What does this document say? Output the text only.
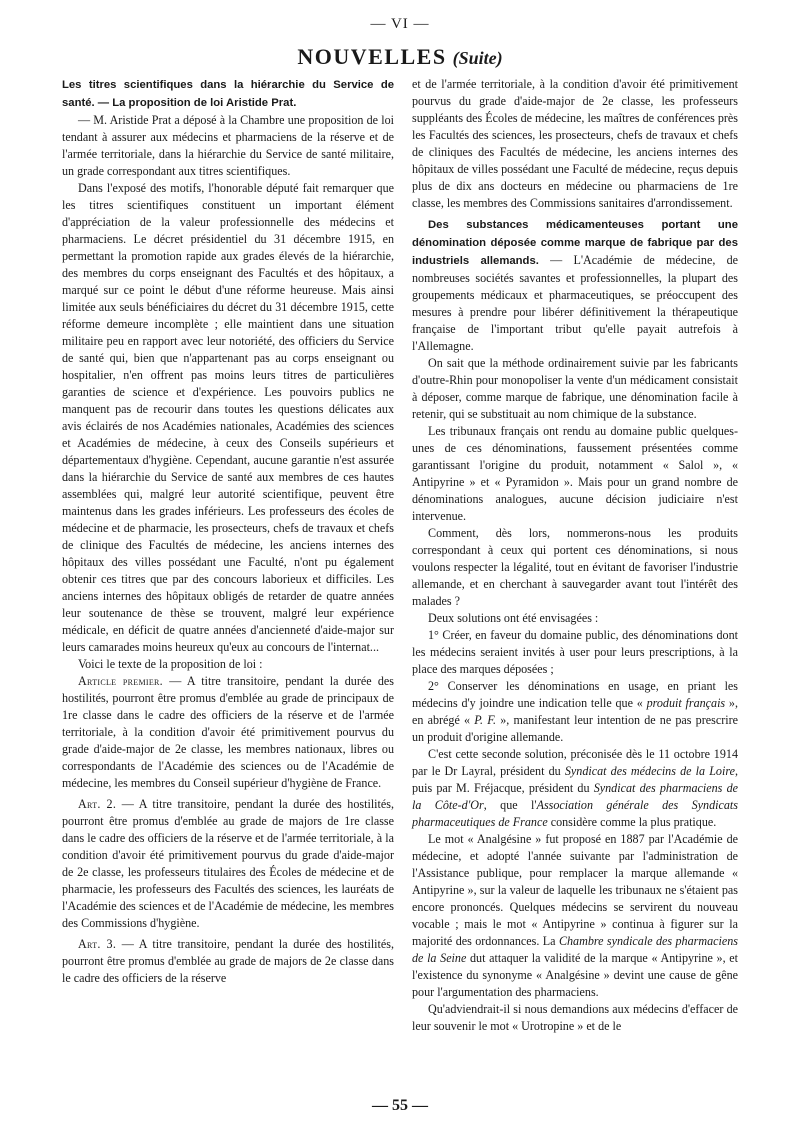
— VI —
NOUVELLES (Suite)

Les titres scientifiques dans la hiérarchie du Service de santé. — La proposition de loi Aristide Prat.

— M. Aristide Prat a déposé à la Chambre une proposition de loi tendant à assurer aux médecins et pharmaciens de la réserve et de l'armée territoriale, dans la hiérarchie du Service de santé militaire, un grade correspondant aux titres scientifiques.

Dans l'exposé des motifs, l'honorable député fait remarquer que les titres scientifiques constituent un important élément d'appréciation de la valeur professionnelle des médecins et pharmaciens. Le décret présidentiel du 31 décembre 1915, en permettant la promotion rapide aux grades élevés de la hiérarchie, des membres du corps enseignant des Facultés et des hôpitaux, a marqué sur ce point le début d'une réforme heureuse. Mais ainsi limitée aux seuls bénéficiaires du décret du 31 décembre 1915, cette réforme demeure incomplète ; elle maintient dans une situation militaire peu en rapport avec leur notoriété, des officiers du Service de santé qui, bien que n'appartenant pas au corps enseignant ou hospitalier, n'en offrent pas moins leurs titres de particulières garanties de science et d'expérience. Les pouvoirs publics ne manquent pas de recourir dans toutes les questions délicates aux avis éclairés de nos Académies nationales, Académies des sciences et Académies de médecine, à ceux des Conseils supérieurs et départementaux d'hygiène. Cependant, aucune garantie n'est assurée dans la hiérarchie du Service de santé aux membres de ces hautes assemblées qui, malgré leur autorité scientifique, peuvent être maintenus dans les grades inférieurs. Les professeurs des écoles de médecine et de pharmacie, les prosecteurs, chefs de travaux et chefs de clinique des Facultés de médecine, les anciens internes des hôpitaux des villes possédant une Faculté, n'ont pu également obtenir ces titres que par des concours laborieux et difficiles. Les anciens internes des hôpitaux obligés de retarder de quatre années leur soutenance de thèse se trouvent, malgré leur expérience médicale, en déficit de quatre années d'ancienneté d'aide-major sur leurs camarades moins heureux qu'eux au concours de l'internat...

Voici le texte de la proposition de loi :

Article premier. — A titre transitoire, pendant la durée des hostilités, pourront être promus d'emblée au grade de principaux de 1re classe dans le cadre des officiers de la réserve et de l'armée territoriale, à la condition d'avoir été primitivement pourvus du grade d'aide-major de 2e classe, les membres nationaux, libres ou correspondants de l'Académie des sciences ou de l'Académie de médecine, les membres du Conseil supérieur d'hygiène de France.

Art. 2. — A titre transitoire, pendant la durée des hostilités, pourront être promus d'emblée au grade de majors de 1re classe dans le cadre des officiers de la réserve et de l'armée territoriale, à la condition d'avoir été primitivement pourvus du grade d'aide-major de 2e classe, les professeurs titulaires des Écoles de médecine et de pharmacie, les professeurs des Facultés des sciences, les lauréats de l'Académie des sciences et de l'Académie de médecine, les membres des Commissions d'hygiène.

Art. 3. — A titre transitoire, pendant la durée des hostilités, pourront être promus d'emblée au grade de majors de 2e classe dans le cadre des officiers de la réserve

et de l'armée territoriale, à la condition d'avoir été primitivement pourvus du grade d'aide-major de 2e classe, les professeurs suppléants des Écoles de médecine, les maîtres de conférences près les Facultés des sciences, les prosecteurs, chefs de travaux et chefs de cliniques des Facultés de médecine, les anciens internes des hôpitaux de villes possédant une Faculté de médecine, reçus depuis plus de dix ans docteurs en médecine ou pharmaciens de 1re classe, les membres des Commissions sanitaires d'arrondissement.

Des substances médicamenteuses portant une dénomination déposée comme marque de fabrique par des industriels allemands. — L'Académie de médecine, de nombreuses sociétés savantes et professionnelles, la plupart des groupements médicaux et pharmaceutiques, se préoccupent des mesures à prendre pour libérer définitivement la thérapeutique française de l'important tribut qu'elle payait autrefois à l'Allemagne.

On sait que la méthode ordinairement suivie par les fabricants d'outre-Rhin pour monopoliser la vente d'un médicament consistait à déposer, comme marque de fabrique, une dénomination facile à retenir, qui se substituait au nom chimique de la substance.

Les tribunaux français ont rendu au domaine public quelques-unes de ces dénominations, faussement présentées comme garantissant l'origine du produit, notamment « Salol », « Antipyrine » et « Pyramidon ». Mais pour un grand nombre de dénominations analogues, aucune décision judiciaire n'est intervenue.

Comment, dès lors, nommerons-nous les produits correspondant à ceux qui portent ces dénominations, si nous voulons respecter la légalité, tout en évitant de favoriser l'industrie allemande, et en cherchant à sauvegarder avant tout l'intérêt des malades ?

Deux solutions ont été envisagées :

1° Créer, en faveur du domaine public, des dénominations dont les médecins seraient invités à user pour leurs prescriptions, à la place des marques déposées ;

2° Conserver les dénominations en usage, en priant les médecins d'y joindre une indication telle que « produit français », en abrégé « P. F. », manifestant leur intention de ne pas prescrire un produit d'origine allemande.

C'est cette seconde solution, préconisée dès le 11 octobre 1914 par le Dr Layral, président du Syndicat des médecins de la Loire, puis par M. Fréjacque, président du Syndicat des pharmaciens de la Côte-d'Or, que l'Association générale des Syndicats pharmaceutiques de France considère comme la plus pratique.

Le mot « Analgésine » fut proposé en 1887 par l'Académie de médecine, et adopté l'année suivante par l'administration de l'Assistance publique, pour remplacer la marque allemande « Antipyrine », sur la valeur de laquelle les tribunaux ne s'étaient pas encore prononcés. Quelques médecins se servirent du nouveau vocable ; mais le mot « Antipyrine » continua à figurer sur la majorité des ordonnances. La Chambre syndicale des pharmaciens de la Seine dut attaquer la validité de la marque « Antipyrine », et l'existence du synonyme « Analgésine » devint une cause de gêne pour l'argumentation des pharmaciens.

Qu'adviendrait-il si nous demandions aux médecins d'effacer de leur souvenir le mot « Urotropine » et de le

— 55 —
